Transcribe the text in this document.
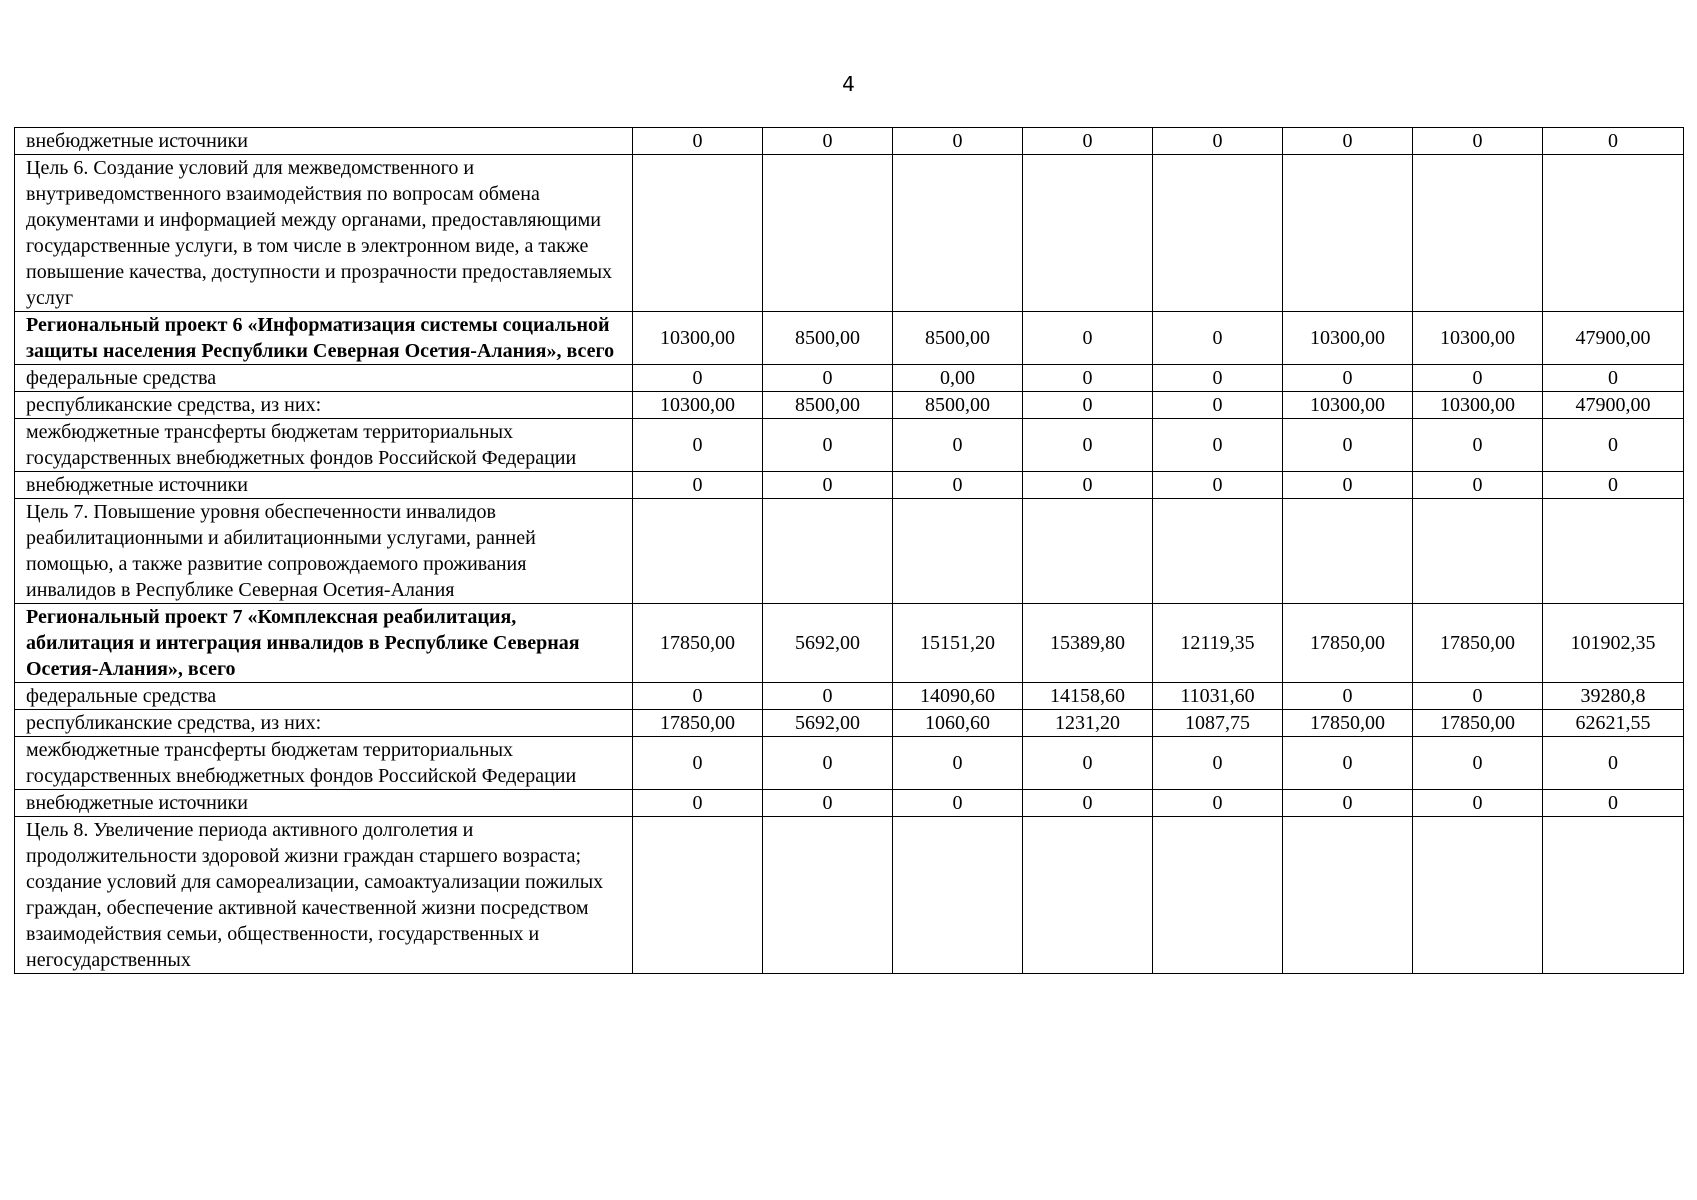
4
внебюджетные источники	0	0	0	0	0	0	0	0
Цель 6. Создание условий для межведомственного и внутриведомственного взаимодействия по вопросам обмена документами и информацией между органами, предоставляющими государственные услуги, в том числе в электронном виде, а также повышение качества, доступности и прозрачности предоставляемых услуг								
Региональный проект 6 «Информатизация системы социальной защиты населения Республики Северная Осетия-Алания», всего	10300,00	8500,00	8500,00	0	0	10300,00	10300,00	47900,00
федеральные средства	0	0	0,00	0	0	0	0	0
республиканские средства, из них:	10300,00	8500,00	8500,00	0	0	10300,00	10300,00	47900,00
межбюджетные трансферты бюджетам территориальных государственных внебюджетных фондов Российской Федерации	0	0	0	0	0	0	0	0
внебюджетные источники	0	0	0	0	0	0	0	0
Цель 7. Повышение уровня обеспеченности инвалидов реабилитационными и абилитационными услугами, ранней помощью, а также развитие сопровождаемого проживания инвалидов в Республике Северная Осетия-Алания								
Региональный проект 7 «Комплексная реабилитация, абилитация и интеграция инвалидов в Республике Северная Осетия-Алания», всего	17850,00	5692,00	15151,20	15389,80	12119,35	17850,00	17850,00	101902,35
федеральные средства	0	0	14090,60	14158,60	11031,60	0	0	39280,8
республиканские средства, из них:	17850,00	5692,00	1060,60	1231,20	1087,75	17850,00	17850,00	62621,55
межбюджетные трансферты бюджетам территориальных государственных внебюджетных фондов Российской Федерации	0	0	0	0	0	0	0	0
внебюджетные источники	0	0	0	0	0	0	0	0
Цель 8. Увеличение периода активного долголетия и продолжительности здоровой жизни граждан старшего возраста; создание условий для самореализации, самоактуализации пожилых граждан, обеспечение активной качественной жизни посредством взаимодействия семьи, общественности, государственных и негосударственных								
